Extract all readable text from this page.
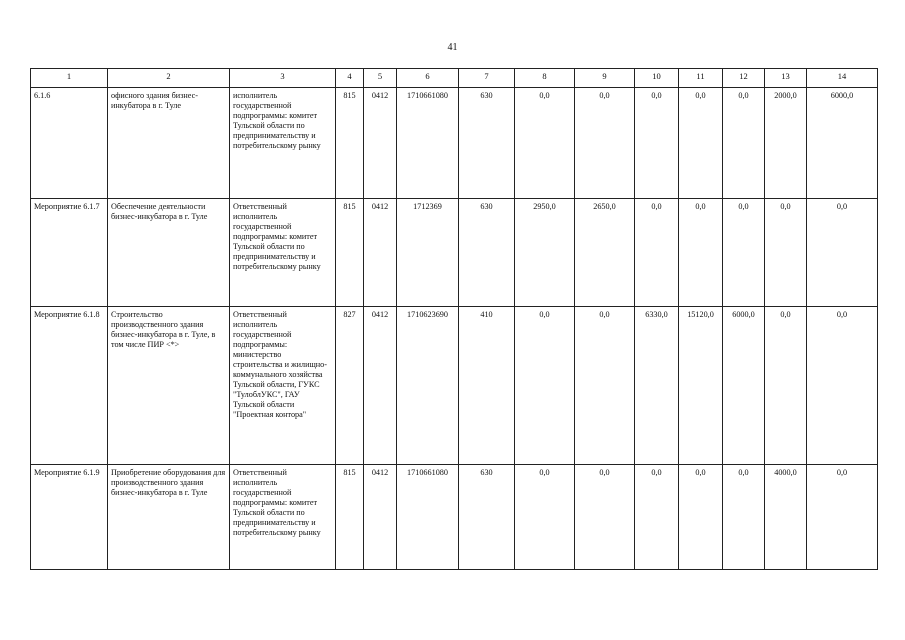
41
1	2	3	4	5	6	7	8	9	10	11	12	13	14
6.1.6	офисного здания бизнес-инкубатора в г. Туле	исполнитель государственной подпрограммы: комитет Тульской области по предпринимательству и потребительскому рынку	815	0412	1710661080	630	0,0	0,0	0,0	0,0	0,0	2000,0	6000,0
Мероприятие 6.1.7	Обеспечение деятельности бизнес-инкубатора в г. Туле	Ответственный исполнитель государственной подпрограммы: комитет Тульской области по предпринимательству и потребительскому рынку	815	0412	1712369	630	2950,0	2650,0	0,0	0,0	0,0	0,0	0,0
Мероприятие 6.1.8	Строительство производственного здания бизнес-инкубатора в г. Туле, в том числе ПИР <*>	Ответственный исполнитель государственной подпрограммы: министерство строительства и жилищно-коммунального хозяйства Тульской области, ГУКС "ТулоблУКС", ГАУ Тульской области "Проектная контора"	827	0412	1710623690	410	0,0	0,0	6330,0	15120,0	6000,0	0,0	0,0
Мероприятие 6.1.9	Приобретение оборудования для производственного здания бизнес-инкубатора в г. Туле	Ответственный исполнитель государственной подпрограммы: комитет Тульской области по предпринимательству и потребительскому рынку	815	0412	1710661080	630	0,0	0,0	0,0	0,0	0,0	4000,0	0,0
